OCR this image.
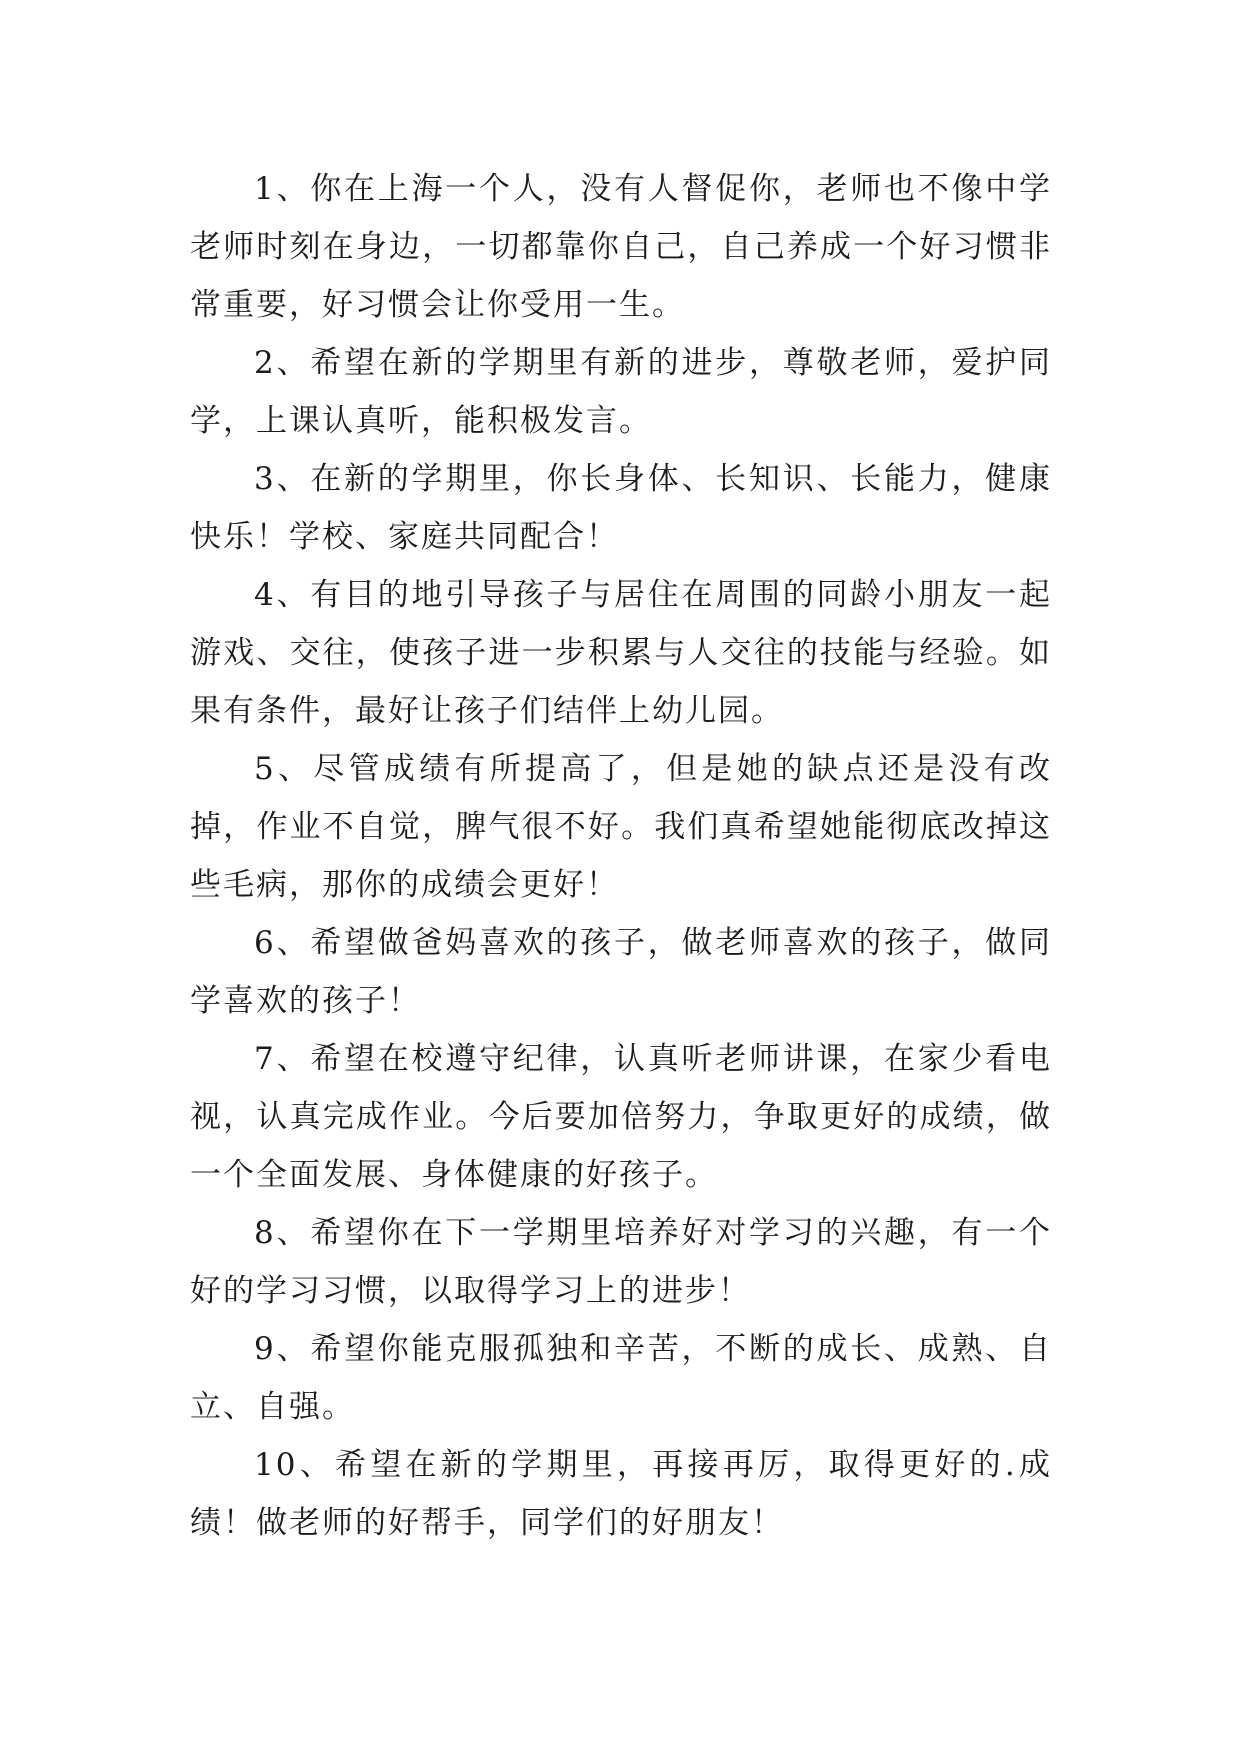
1、你在上海一个人，没有人督促你，老师也不像中学老师时刻在身边，一切都靠你自己，自己养成一个好习惯非常重要，好习惯会让你受用一生。

2、希望在新的学期里有新的进步，尊敬老师，爱护同学，上课认真听，能积极发言。

3、在新的学期里，你长身体、长知识、长能力，健康快乐！学校、家庭共同配合！

4、有目的地引导孩子与居住在周围的同龄小朋友一起游戏、交往，使孩子进一步积累与人交往的技能与经验。如果有条件，最好让孩子们结伴上幼儿园。

5、尽管成绩有所提高了，但是她的缺点还是没有改掉，作业不自觉，脾气很不好。我们真希望她能彻底改掉这些毛病，那你的成绩会更好！

6、希望做爸妈喜欢的孩子，做老师喜欢的孩子，做同学喜欢的孩子！

7、希望在校遵守纪律，认真听老师讲课，在家少看电视，认真完成作业。今后要加倍努力，争取更好的成绩，做一个全面发展、身体健康的好孩子。

8、希望你在下一学期里培养好对学习的兴趣，有一个好的学习习惯，以取得学习上的进步！

9、希望你能克服孤独和辛苦，不断的成长、成熟、自立、自强。

10、希望在新的学期里，再接再厉，取得更好的.成绩！做老师的好帮手，同学们的好朋友！
